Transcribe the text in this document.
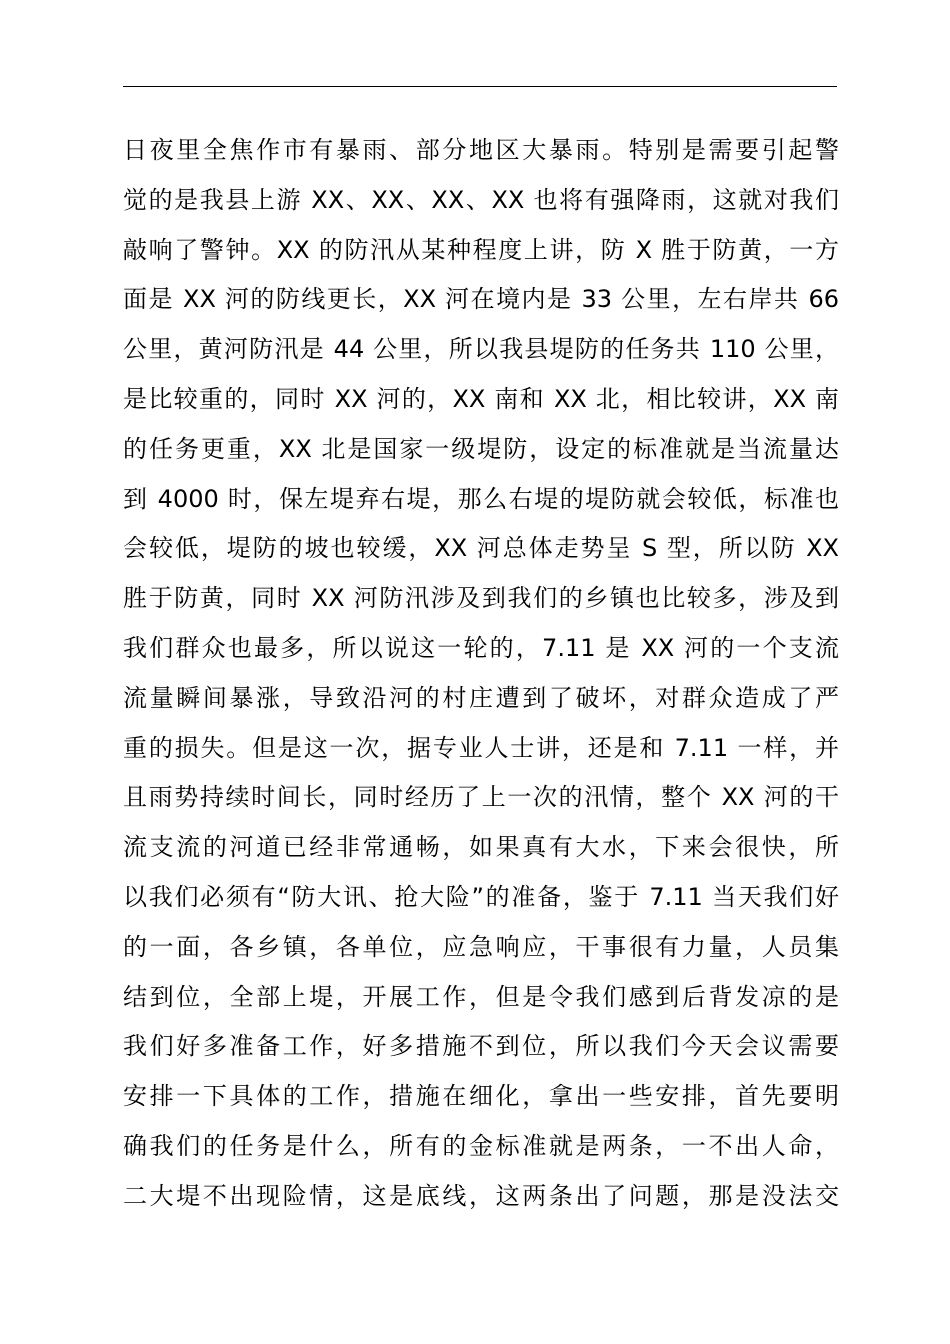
日夜里全焦作市有暴雨、部分地区大暴雨。特别是需要引起警
觉的是我县上游 XX、XX、XX、XX 也将有强降雨，这就对我们
敲响了警钟。XX 的防汛从某种程度上讲，防 X 胜于防黄，一方
面是 XX 河的防线更长，XX 河在境内是 33 公里，左右岸共 66
公里，黄河防汛是 44 公里，所以我县堤防的任务共 110 公里，
是比较重的，同时 XX 河的，XX 南和 XX 北，相比较讲，XX 南
的任务更重，XX 北是国家一级堤防，设定的标准就是当流量达
到 4000 时，保左堤弃右堤，那么右堤的堤防就会较低，标准也
会较低，堤防的坡也较缓，XX 河总体走势呈 S 型，所以防 XX
胜于防黄，同时 XX 河防汛涉及到我们的乡镇也比较多，涉及到
我们群众也最多，所以说这一轮的，7.11 是 XX 河的一个支流
流量瞬间暴涨，导致沿河的村庄遭到了破坏，对群众造成了严
重的损失。但是这一次，据专业人士讲，还是和 7.11 一样，并
且雨势持续时间长，同时经历了上一次的汛情，整个 XX 河的干
流支流的河道已经非常通畅，如果真有大水，下来会很快，所
以我们必须有“防大讯、抢大险”的准备，鉴于 7.11 当天我们好
的一面，各乡镇，各单位，应急响应，干事很有力量，人员集
结到位，全部上堤，开展工作，但是令我们感到后背发凉的是
我们好多准备工作，好多措施不到位，所以我们今天会议需要
安排一下具体的工作，措施在细化，拿出一些安排，首先要明
确我们的任务是什么，所有的金标准就是两条，一不出人命，
二大堤不出现险情，这是底线，这两条出了问题，那是没法交
